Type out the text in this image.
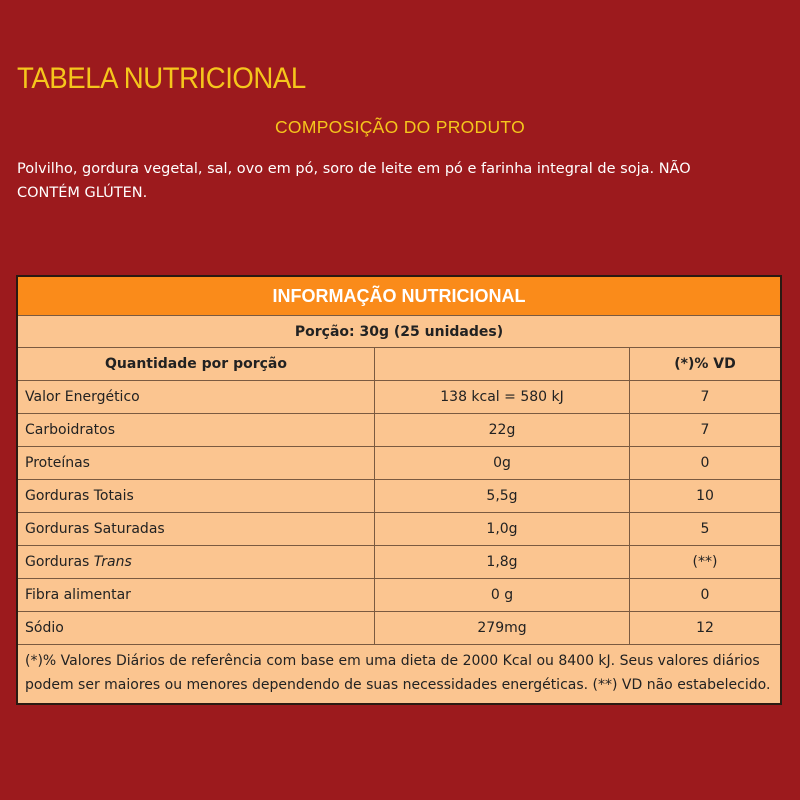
TABELA NUTRICIONAL
COMPOSIÇÃO DO PRODUTO

Polvilho, gordura vegetal, sal, ovo em pó, soro de leite em pó e farinha integral de soja. NÃO CONTÉM GLÚTEN.

INFORMAÇÃO NUTRICIONAL		
Porção: 30g (25 unidades)		
Quantidade por porção		(*)% VD
Valor Energético	138 kcal = 580 kJ	7
Carboidratos	22g	7
Proteínas	0g	0
Gorduras Totais	5,5g	10
Gorduras Saturadas	1,0g	5
Gorduras Trans	1,8g	(**)
Fibra alimentar	0 g	0
Sódio	279mg	12
(*)% Valores Diários de referência com base em uma dieta de 2000 Kcal ou 8400 kJ. Seus valores diários podem ser maiores ou menores dependendo de suas necessidades energéticas. (**) VD não estabelecido.		
